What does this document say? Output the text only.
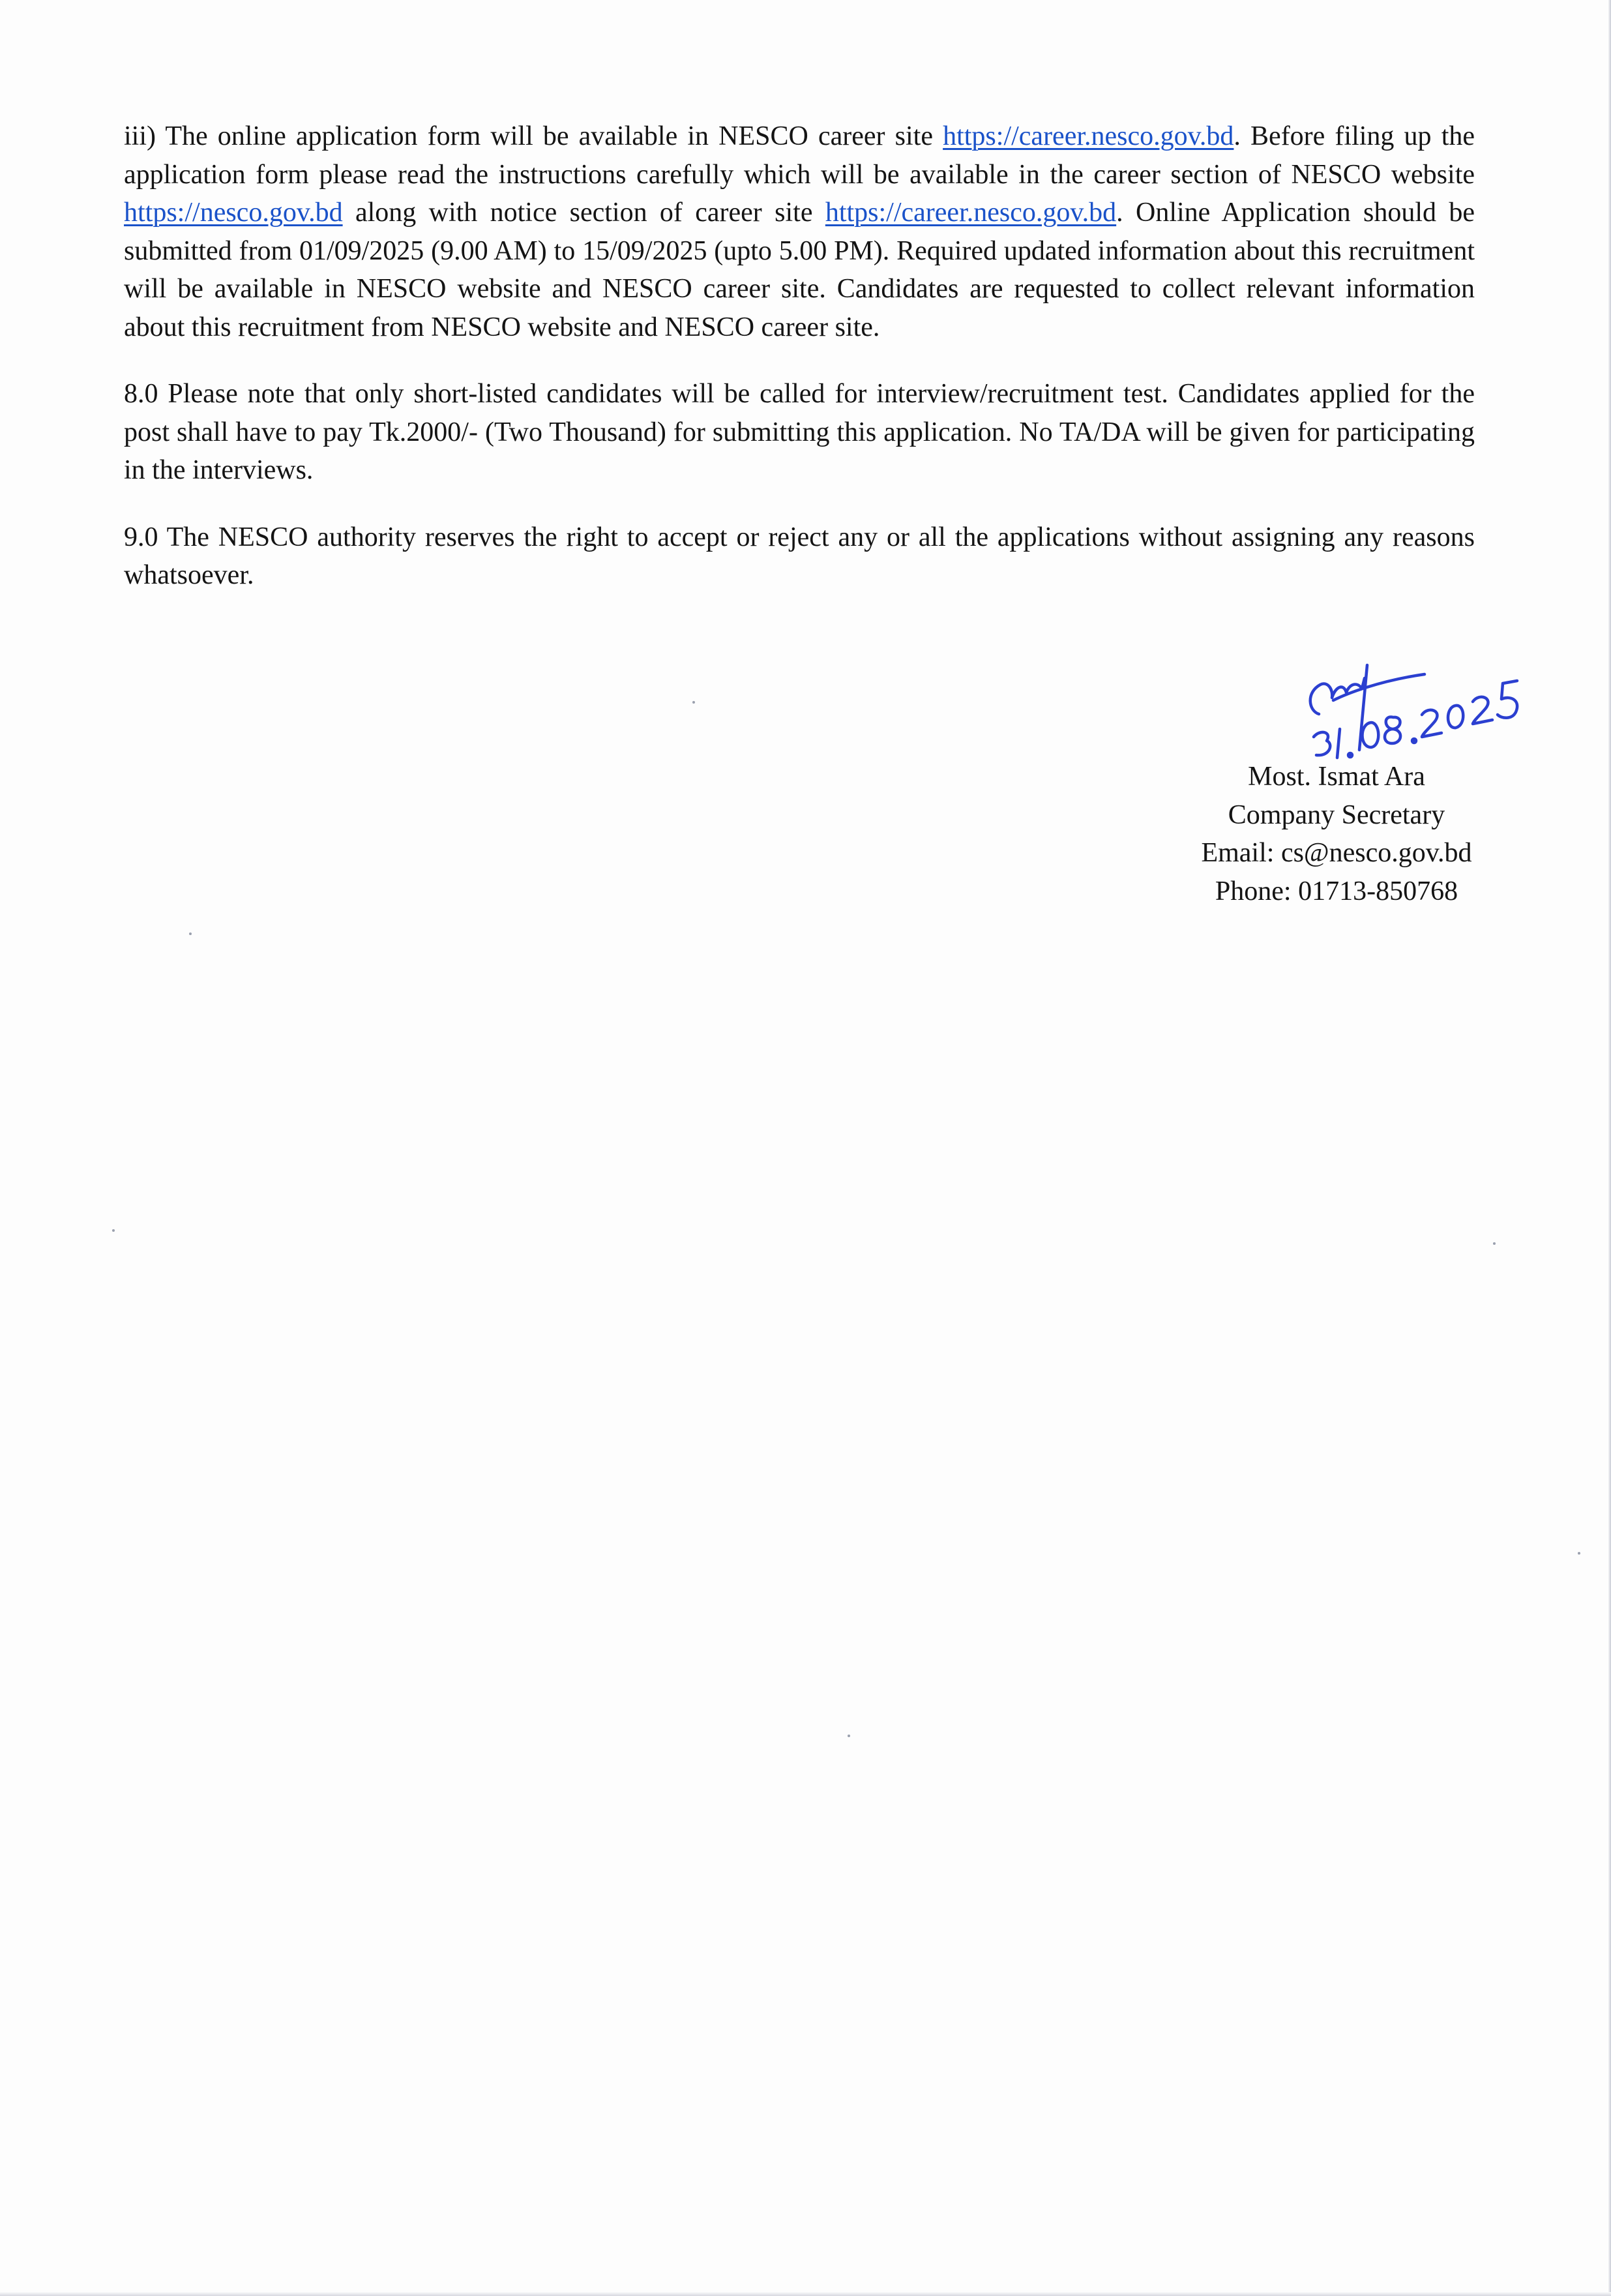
iii) The online application form will be available in NESCO career site https://career.nesco.gov.bd. Before filing up the application form please read the instructions carefully which will be available in the career section of NESCO website https://nesco.gov.bd along with notice section of career site https://career.nesco.gov.bd. Online Application should be submitted from 01/09/2025 (9.00 AM) to 15/09/2025 (upto 5.00 PM). Required updated information about this recruitment will be available in NESCO website and NESCO career site. Candidates are requested to collect relevant information about this recruitment from NESCO website and NESCO career site.

8.0 Please note that only short-listed candidates will be called for interview/recruitment test. Candidates applied for the post shall have to pay Tk.2000/- (Two Thousand) for submitting this application. No TA/DA will be given for participating in the interviews.

9.0 The NESCO authority reserves the right to accept or reject any or all the applications without assigning any reasons whatsoever.

Most. Ismat Ara
Company Secretary
Email: cs@nesco.gov.bd
Phone: 01713-850768
